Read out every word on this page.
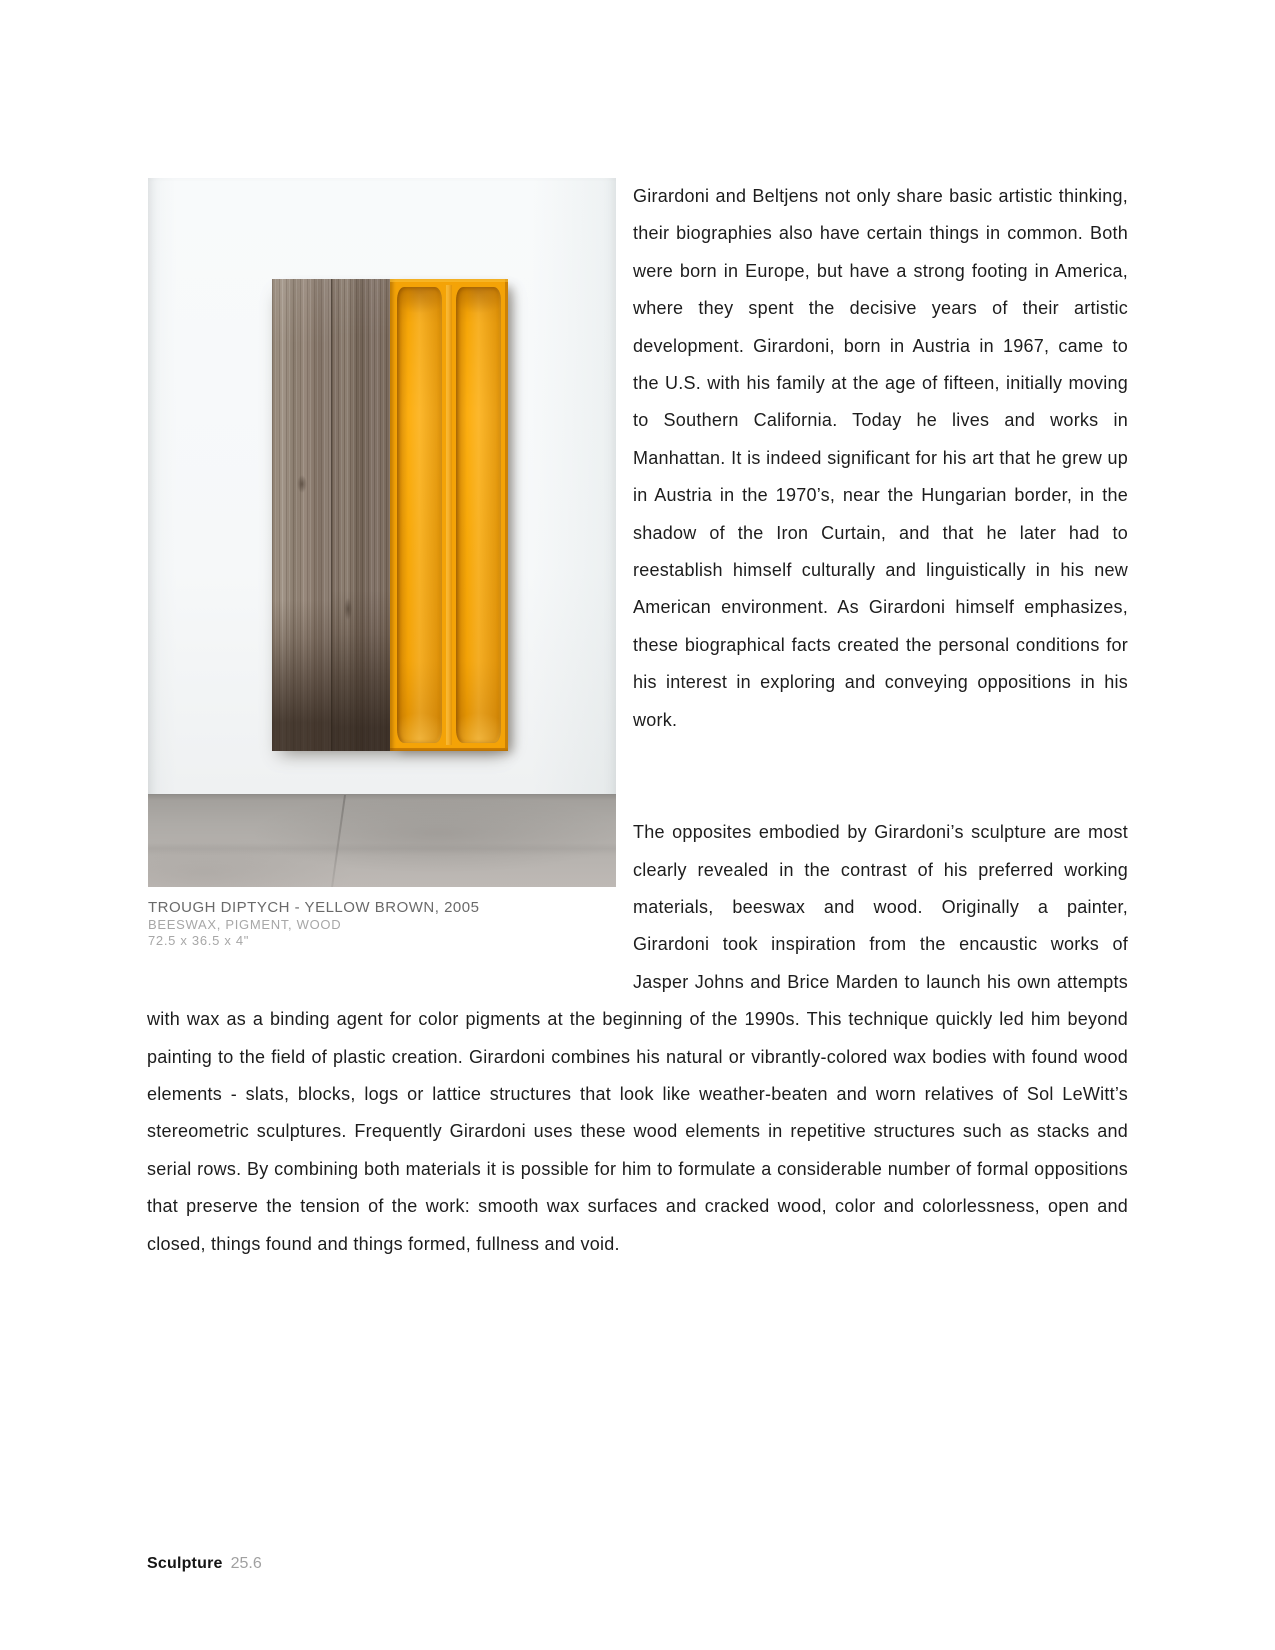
TROUGH DIPTYCH - YELLOW BROWN, 2005
BEESWAX, PIGMENT, WOOD
72.5 x 36.5 x 4"

Girardoni and Beltjens not only share basic artistic thinking, their biographies also have certain things in common. Both were born in Europe, but have a strong footing in America, where they spent the decisive years of their artistic development. Girardoni, born in Austria in 1967, came to the U.S. with his family at the age of fifteen, initially moving to Southern California. Today he lives and works in Manhattan. It is indeed significant for his art that he grew up in Austria in the 1970’s, near the Hungarian border, in the shadow of the Iron Curtain, and that he later had to reestablish himself culturally and linguistically in his new American environment. As Girardoni himself emphasizes, these biographical facts created the personal conditions for his interest in exploring and conveying oppositions in his work.

The opposites embodied by Girardoni’s sculpture are most clearly revealed in the contrast of his preferred working materials, beeswax and wood. Originally a painter, Girardoni took inspiration from the encaustic works of Jasper Johns and Brice Marden to launch his own attempts with wax as a binding agent for color pigments at the beginning of the 1990s. This technique quickly led him beyond painting to the field of plastic creation. Girardoni combines his natural or vibrantly-colored wax bodies with found wood elements - slats, blocks, logs or lattice structures that look like weather-beaten and worn relatives of Sol LeWitt’s stereometric sculptures. Frequently Girardoni uses these wood elements in repetitive structures such as stacks and serial rows. By combining both materials it is possible for him to formulate a considerable number of formal oppositions that preserve the tension of the work: smooth wax surfaces and cracked wood, color and colorlessness, open and closed, things found and things formed, fullness and void.

Sculpture 25.6
